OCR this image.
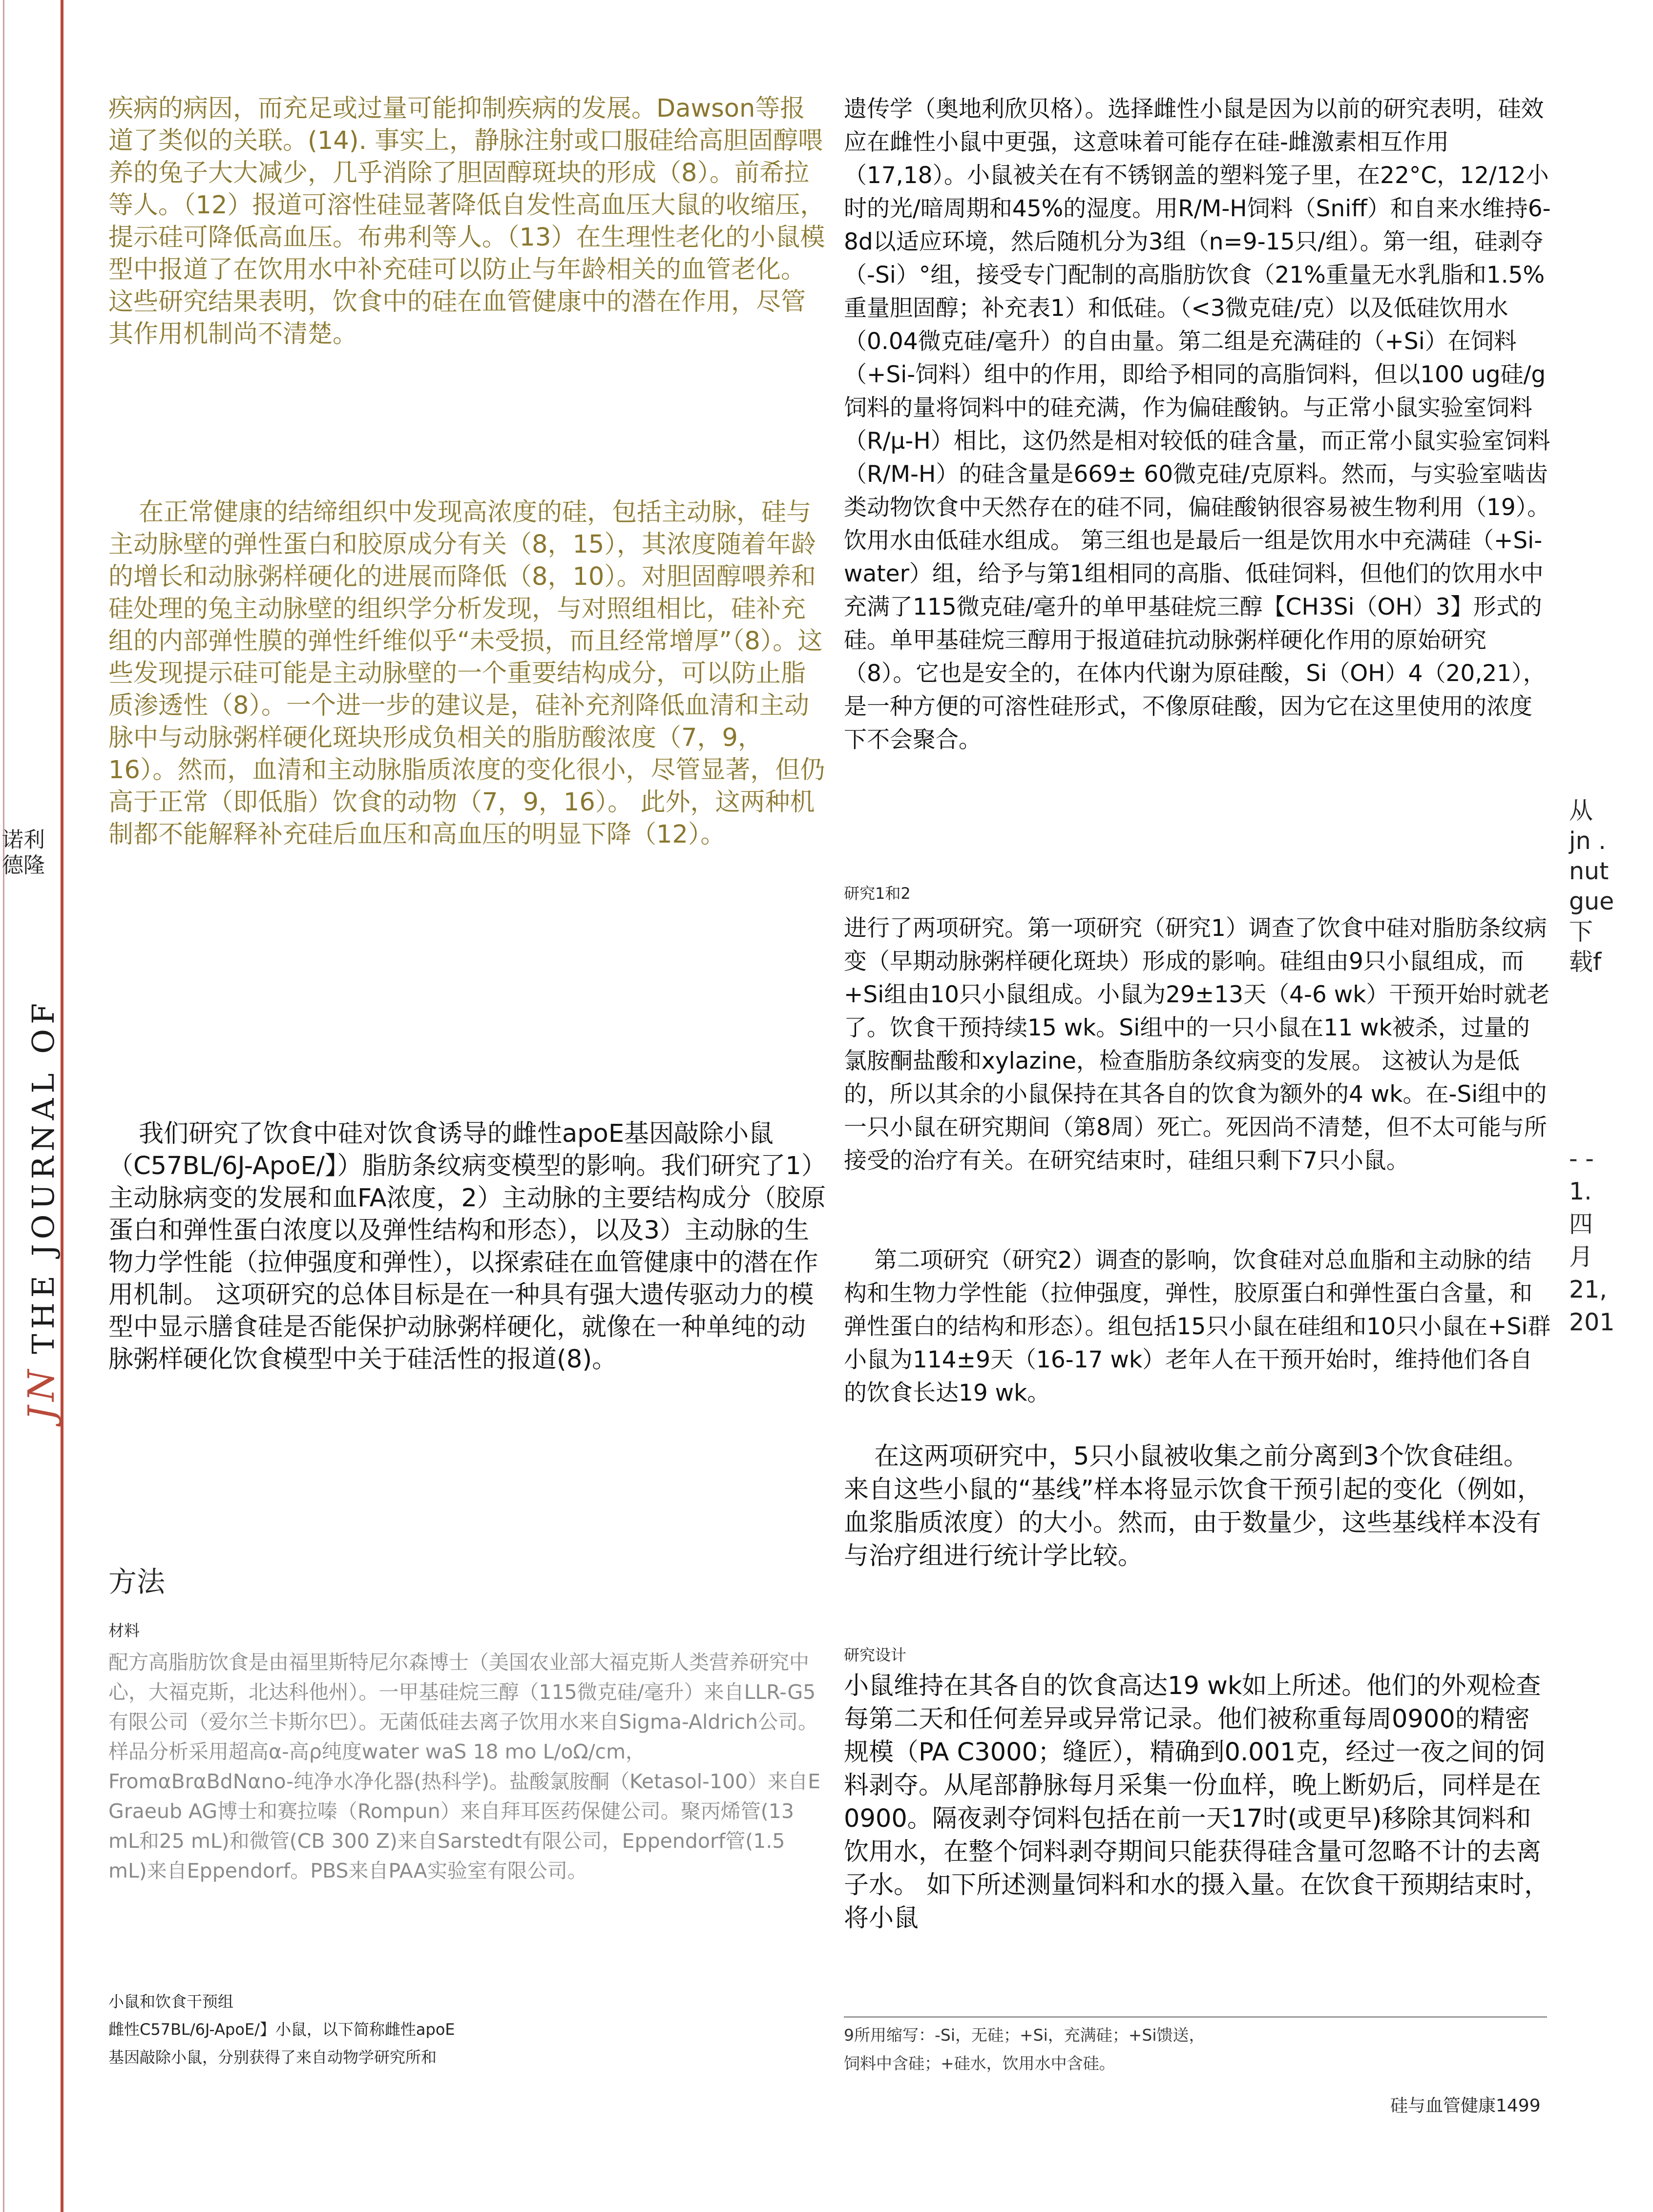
JNTHE JOURNAL OF
诺利德隆

疾病的病因，而充足或过量可能抑制疾病的发展。Dawson等报道了类似的关联。(14). 事实上，静脉注射或口服硅给高胆固醇喂养的兔子大大减少，几乎消除了胆固醇斑块的形成（8）。前希拉等人。（12）报道可溶性硅显著降低自发性高血压大鼠的收缩压，提示硅可降低高血压。布弗利等人。（13）在生理性老化的小鼠模型中报道了在饮用水中补充硅可以防止与年龄相关的血管老化。 这些研究结果表明，饮食中的硅在血管健康中的潜在作用，尽管其作用机制尚不清楚。

在正常健康的结缔组织中发现高浓度的硅，包括主动脉，硅与主动脉壁的弹性蛋白和胶原成分有关（8，15），其浓度随着年龄的增长和动脉粥样硬化的进展而降低（8，10）。对胆固醇喂养和硅处理的兔主动脉壁的组织学分析发现，与对照组相比，硅补充组的内部弹性膜的弹性纤维似乎“未受损，而且经常增厚”（8）。这些发现提示硅可能是主动脉壁的一个重要结构成分，可以防止脂质渗透性（8）。一个进一步的建议是，硅补充剂降低血清和主动脉中与动脉粥样硬化斑块形成负相关的脂肪酸浓度（7，9，16）。然而，血清和主动脉脂质浓度的变化很小，尽管显著，但仍高于正常（即低脂）饮食的动物（7，9，16）。 此外，这两种机制都不能解释补充硅后血压和高血压的明显下降（12）。

我们研究了饮食中硅对饮食诱导的雌性apoE基因敲除小鼠（C57BL/6J-ApoE/】）脂肪条纹病变模型的影响。我们研究了1）主动脉病变的发展和血FA浓度，2）主动脉的主要结构成分（胶原蛋白和弹性蛋白浓度以及弹性结构和形态），以及3）主动脉的生物力学性能（拉伸强度和弹性），以探索硅在血管健康中的潜在作用机制。 这项研究的总体目标是在一种具有强大遗传驱动力的模型中显示膳食硅是否能保护动脉粥样硬化，就像在一种单纯的动脉粥样硬化饮食模型中关于硅活性的报道(8)。

方法

材料

配方高脂肪饮食是由福里斯特尼尔森博士（美国农业部大福克斯人类营养研究中心，大福克斯，北达科他州）。一甲基硅烷三醇（115微克硅/毫升）来自LLR-G5有限公司（爱尔兰卡斯尔巴）。无菌低硅去离子饮用水来自Sigma-Aldrich公司。样品分析采用超高α-高ρ纯度water waS 18 mo L/oΩ/cm，FromαBrαBdNαno-纯净水净化器(热科学)。盐酸氯胺酮（Ketasol-100）来自E Graeub AG博士和赛拉嗪（Rompun）来自拜耳医药保健公司。聚丙烯管(13 mL和25 mL)和微管(CB 300 Z)来自Sarstedt有限公司，Eppendorf管(1.5 mL)来自Eppendorf。PBS来自PAA实验室有限公司。

小鼠和饮食干预组

雌性C57BL/6J-ApoE/】小鼠，以下简称雌性apoE

基因敲除小鼠，分别获得了来自动物学研究所和

遗传学（奥地利欣贝格）。选择雌性小鼠是因为以前的研究表明，硅效应在雌性小鼠中更强，这意味着可能存在硅-雌激素相互作用（17,18）。小鼠被关在有不锈钢盖的塑料笼子里，在22°C，12/12小时的光/暗周期和45%的湿度。用R/M-H饲料（Sniff）和自来水维持6-8d以适应环境，然后随机分为3组（n=9-15只/组）。第一组，硅剥夺（-Si）°组，接受专门配制的高脂肪饮食（21%重量无水乳脂和1.5%重量胆固醇；补充表1）和低硅。（<3微克硅/克）以及低硅饮用水（0.04微克硅/毫升）的自由量。第二组是充满硅的（+Si）在饲料（+Si-饲料）组中的作用，即给予相同的高脂饲料，但以100 ug硅/g饲料的量将饲料中的硅充满，作为偏硅酸钠。与正常小鼠实验室饲料（R/μ-H）相比，这仍然是相对较低的硅含量，而正常小鼠实验室饲料（R/M-H）的硅含量是669± 60微克硅/克原料。然而，与实验室啮齿类动物饮食中天然存在的硅不同，偏硅酸钠很容易被生物利用（19）。饮用水由低硅水组成。 第三组也是最后一组是饮用水中充满硅（+Si-water）组，给予与第1组相同的高脂、低硅饲料，但他们的饮用水中充满了115微克硅/毫升的单甲基硅烷三醇【CH3Si（OH）3】形式的硅。单甲基硅烷三醇用于报道硅抗动脉粥样硬化作用的原始研究（8）。它也是安全的，在体内代谢为原硅酸，Si（OH）4（20,21），是一种方便的可溶性硅形式，不像原硅酸，因为它在这里使用的浓度下不会聚合。

研究1和2

进行了两项研究。第一项研究（研究1）调查了饮食中硅对脂肪条纹病变（早期动脉粥样硬化斑块）形成的影响。硅组由9只小鼠组成，而+Si组由10只小鼠组成。小鼠为29±13天（4-6 wk）干预开始时就老了。饮食干预持续15 wk。Si组中的一只小鼠在11 wk被杀，过量的氯胺酮盐酸和xylazine，检查脂肪条纹病变的发展。 这被认为是低的，所以其余的小鼠保持在其各自的饮食为额外的4 wk。在-Si组中的一只小鼠在研究期间（第8周）死亡。死因尚不清楚，但不太可能与所接受的治疗有关。在研究结束时，硅组只剩下7只小鼠。

第二项研究（研究2）调查的影响，饮食硅对总血脂和主动脉的结构和生物力学性能（拉伸强度，弹性，胶原蛋白和弹性蛋白含量，和弹性蛋白的结构和形态）。组包括15只小鼠在硅组和10只小鼠在+Si群小鼠为114±9天（16-17 wk）老年人在干预开始时，维持他们各自的饮食长达19 wk。

在这两项研究中，5只小鼠被收集之前分离到3个饮食硅组。来自这些小鼠的“基线”样本将显示饮食干预引起的变化（例如，血浆脂质浓度）的大小。然而，由于数量少，这些基线样本没有与治疗组进行统计学比较。

研究设计

小鼠维持在其各自的饮食高达19 wk如上所述。他们的外观检查每第二天和任何差异或异常记录。他们被称重每周0900的精密规模（PA C3000；缝匠），精确到0.001克，经过一夜之间的饲料剥夺。从尾部静脉每月采集一份血样，晚上断奶后，同样是在0900。隔夜剥夺饲料包括在前一天17时(或更早)移除其饲料和饮用水，在整个饲料剥夺期间只能获得硅含量可忽略不计的去离子水。 如下所述测量饲料和水的摄入量。在饮食干预期结束时，将小鼠

9所用缩写：-Si，无硅；+Si，充满硅；+Si馈送，
饲料中含硅；+硅水，饮用水中含硅。
硅与血管健康1499
从
jn .
nut
gue
下
载f
- -
1.
四
月
21,
201
